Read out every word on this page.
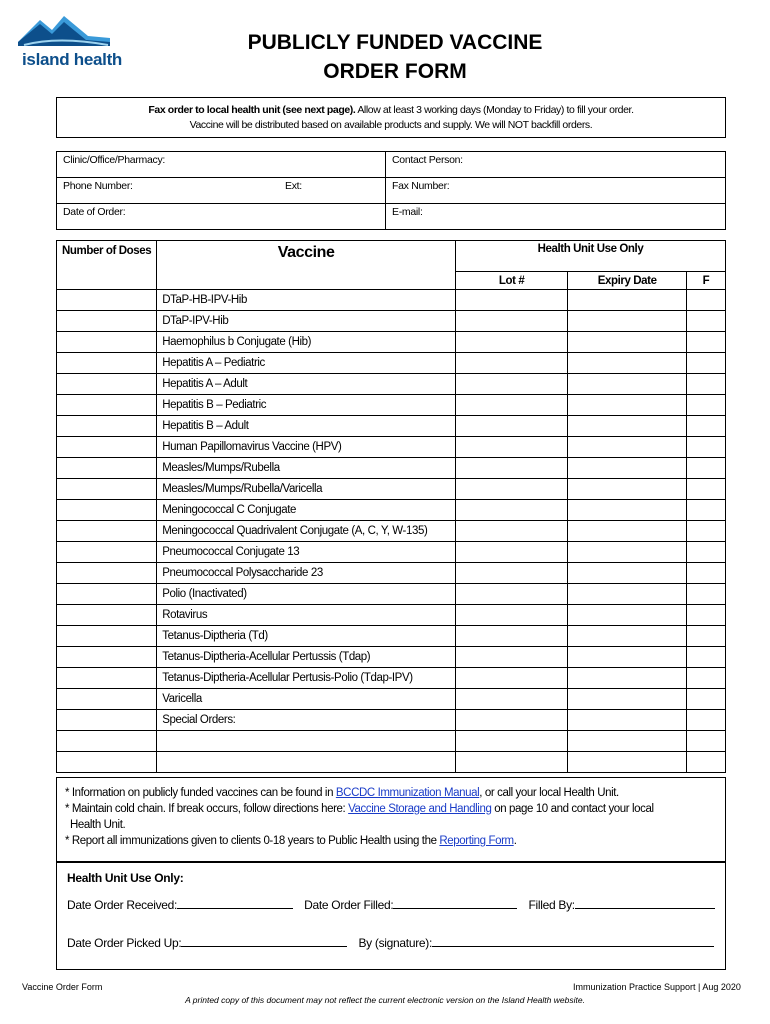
island health
PUBLICLY FUNDED VACCINE
ORDER FORM
Fax order to local health unit (see next page). Allow at least 3 working days (Monday to Friday) to fill your order.
Vaccine will be distributed based on available products and supply. We will NOT backfill orders.
Clinic/Office/Pharmacy:	Contact Person:
Phone Number: Ext:	Fax Number:
Date of Order:	E-mail:
Number of Doses	Vaccine	Health Unit Use Only		
		Lot #	Expiry Date	F
	DTaP-HB-IPV-Hib			
	DTaP-IPV-Hib			
	Haemophilus b Conjugate (Hib)			
	Hepatitis A – Pediatric			
	Hepatitis A – Adult			
	Hepatitis B – Pediatric			
	Hepatitis B – Adult			
	Human Papillomavirus Vaccine (HPV)			
	Measles/Mumps/Rubella			
	Measles/Mumps/Rubella/Varicella			
	Meningococcal C Conjugate			
	Meningococcal Quadrivalent Conjugate (A, C, Y, W-135)			
	Pneumococcal Conjugate 13			
	Pneumococcal Polysaccharide 23			
	Polio (Inactivated)			
	Rotavirus			
	Tetanus-Diptheria (Td)			
	Tetanus-Diptheria-Acellular Pertussis (Tdap)			
	Tetanus-Diptheria-Acellular Pertusis-Polio (Tdap-IPV)			
	Varicella			
	Special Orders:			

* Information on publicly funded vaccines can be found in BCCDC Immunization Manual, or call your local Health Unit.
* Maintain cold chain. If break occurs, follow directions here: Vaccine Storage and Handling on page 10 and contact your local
Health Unit.
* Report all immunizations given to clients 0-18 years to Public Health using the Reporting Form.
Health Unit Use Only:
Date Order Received:	Date Order Filled:	Filled By:
Date Order Picked Up:	By (signature):
Vaccine Order Form	Immunization Practice Support | Aug 2020
A printed copy of this document may not reflect the current electronic version on the Island Health website.
